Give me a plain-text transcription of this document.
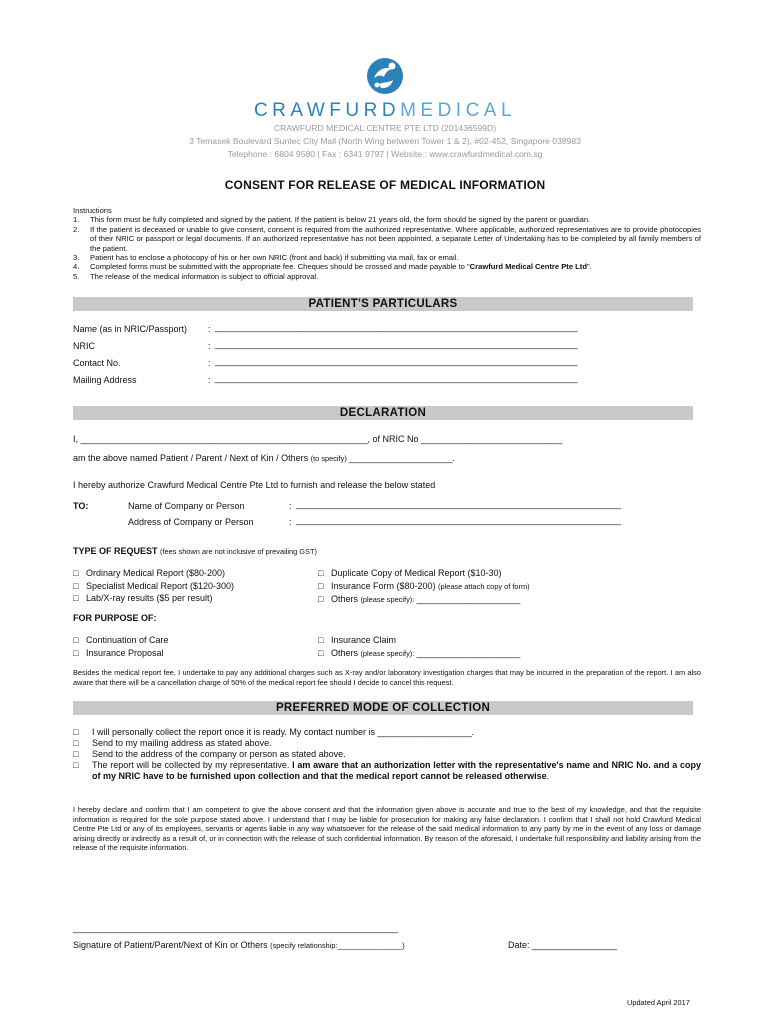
CRAWFURDMEDICAL
CRAWFURD MEDICAL CENTRE PTE LTD (201436599D)
3 Temasek Boulevard Suntec City Mall (North Wing between Tower 1 & 2), #02-452, Singapore 038983
Telephone : 6804 9580 | Fax : 6341 9797 | Website : www.crawfurdmedical.com.sg
CONSENT FOR RELEASE OF MEDICAL INFORMATION
Instructions
1.	This form must be fully completed and signed by the patient. If the patient is below 21 years old, the form should be signed by the parent or guardian.
2.	If the patient is deceased or unable to give consent, consent is required from the authorized representative. Where applicable, authorized representatives are to provide photocopies of their NRIC or passport or legal documents. If an authorized representative has not been appointed, a separate Letter of Undertaking has to be completed by all family members of the patient.
3.	Patient has to enclose a photocopy of his or her own NRIC (front and back) if submitting via mail, fax or email.
4.	Completed forms must be submitted with the appropriate fee. Cheques should be crossed and made payable to "Crawfurd Medical Centre Pte Ltd".
5.	The release of the medical information is subject to official approval.
PATIENT'S PARTICULARS
Name (as in NRIC/Passport) : _____________________________________________________________________________
NRIC	: _____________________________________________________________________________
Contact No.	: _____________________________________________________________________________
Mailing Address	: _____________________________________________________________________________
DECLARATION
I, _____________________________________________________________, of NRIC No ______________________________
am the above named Patient / Parent / Next of Kin / Others (to specify) ______________________.
I hereby authorize Crawfurd Medical Centre Pte Ltd to furnish and release the below stated
TO:	Name of Company or Person	: _____________________________________________________________________
Address of Company or Person	: _____________________________________________________________________
TYPE OF REQUEST (fees shown are not inclusive of prevailing GST)
□ Ordinary Medical Report ($80-200)
□ Specialist Medical Report ($120-300)
□ Lab/X-ray results ($5 per result)
□ Duplicate Copy of Medical Report ($10-30)
□ Insurance Form ($80-200) (please attach copy of form)
□ Others (please specify): ______________________
FOR PURPOSE OF:
□ Continuation of Care
□ Insurance Proposal
□ Insurance Claim
□ Others (please specify): ______________________
Besides the medical report fee, I undertake to pay any additional charges such as X-ray and/or laboratory investigation charges that may be incurred in the preparation of the report. I am also aware that there will be a cancellation charge of 50% of the medical report fee should I decide to cancel this request.
PREFERRED MODE OF COLLECTION
□	I will personally collect the report once it is ready. My contact number is ____________________.
□	Send to my mailing address as stated above.
□	Send to the address of the company or person as stated above.
□	The report will be collected by my representative. I am aware that an authorization letter with the representative's name and NRIC No. and a copy of my NRIC have to be furnished upon collection and that the medical report cannot be released otherwise.
I hereby declare and confirm that I am competent to give the above consent and that the information given above is accurate and true to the best of my knowledge, and that the requisite information is required for the sole purpose stated above. I understand that I may be liable for prosecution for making any false declaration. I confirm that I shall not hold Crawfurd Medical Centre Pte Ltd or any of its employees, servants or agents liable in any way whatsoever for the release of the said medical information to any party by me in the event of any loss or damage arising directly or indirectly as a result of, or in connection with the release of such confidential information. By reason of the aforesaid, I undertake full responsibility and liability arising from the release of the requisite information.
_____________________________________________________________________
Signature of Patient/Parent/Next of Kin or Others (specify relationship:_________________)	Date: __________________
Updated April 2017
